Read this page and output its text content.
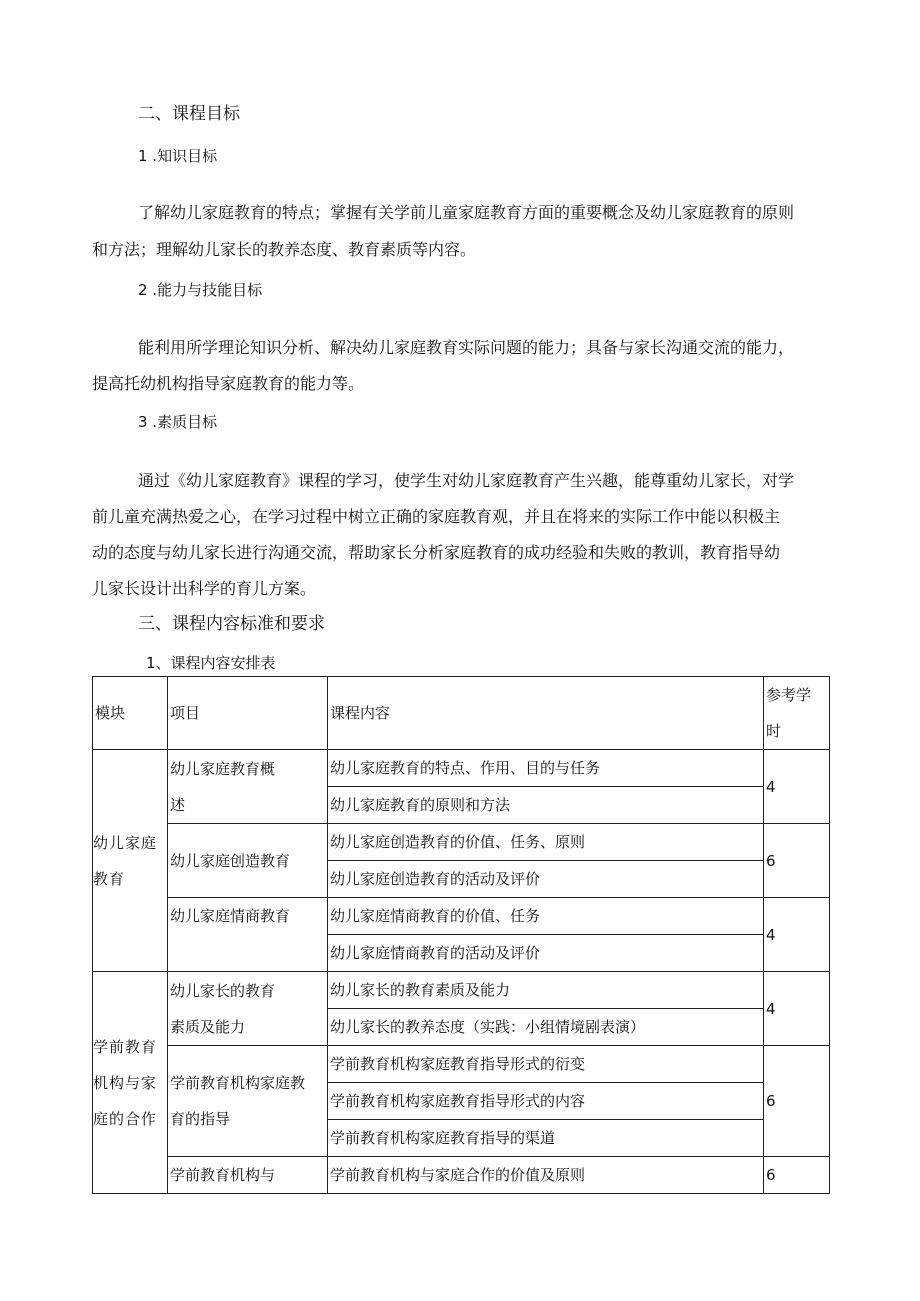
二、课程目标
1 .知识目标
了解幼儿家庭教育的特点；掌握有关学前儿童家庭教育方面的重要概念及幼儿家庭教育的原则
和方法；理解幼儿家长的教养态度、教育素质等内容。
2 .能力与技能目标
能利用所学理论知识分析、解决幼儿家庭教育实际问题的能力；具备与家长沟通交流的能力，
提高托幼机构指导家庭教育的能力等。
3 .素质目标
通过《幼儿家庭教育》课程的学习，使学生对幼儿家庭教育产生兴趣，能尊重幼儿家长，对学
前儿童充满热爱之心，在学习过程中树立正确的家庭教育观，并且在将来的实际工作中能以积极主
动的态度与幼儿家长进行沟通交流，帮助家长分析家庭教育的成功经验和失败的教训，教育指导幼
儿家长设计出科学的育儿方案。
三、课程内容标准和要求
1、课程内容安排表
模块	项目	课程内容	参考学
时

幼儿家庭
教育	幼儿家庭教育概
述	幼儿家庭教育的特点、作用、目的与任务	4

		幼儿家庭教育的原则和方法	

	幼儿家庭创造教育	幼儿家庭创造教育的价值、任务、原则	6

		幼儿家庭创造教育的活动及评价	

	幼儿家庭情商教育	幼儿家庭情商教育的价值、任务	4

		幼儿家庭情商教育的活动及评价	

学前教育
机构与家
庭的合作	幼儿家长的教育
素质及能力	幼儿家长的教育素质及能力	4

		幼儿家长的教养态度（实践：小组情境剧表演）	

	学前教育机构家庭教
育的指导	学前教育机构家庭教育指导形式的衍变	6

		学前教育机构家庭教育指导形式的内容	

		学前教育机构家庭教育指导的渠道	

	学前教育机构与	学前教育机构与家庭合作的价值及原则	6
